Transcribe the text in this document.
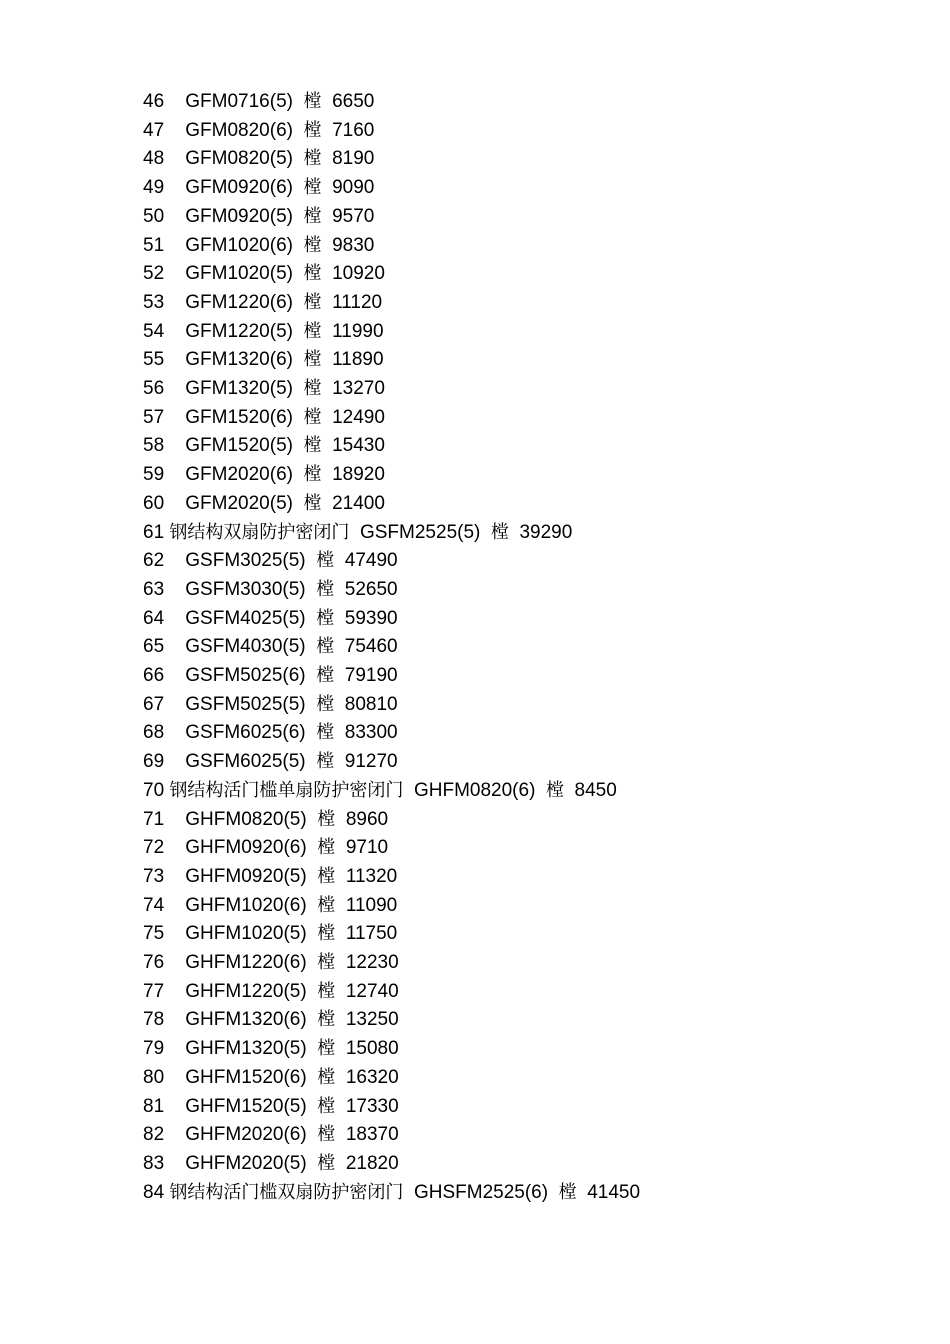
46 GFM0716(5) 樘 6650
47 GFM0820(6) 樘 7160
48 GFM0820(5) 樘 8190
49 GFM0920(6) 樘 9090
50 GFM0920(5) 樘 9570
51 GFM1020(6) 樘 9830
52 GFM1020(5) 樘 10920
53 GFM1220(6) 樘 11120
54 GFM1220(5) 樘 11990
55 GFM1320(6) 樘 11890
56 GFM1320(5) 樘 13270
57 GFM1520(6) 樘 12490
58 GFM1520(5) 樘 15430
59 GFM2020(6) 樘 18920
60 GFM2020(5) 樘 21400
61 钢结构双扇防护密闭门 GSFM2525(5) 樘 39290
62 GSFM3025(5) 樘 47490
63 GSFM3030(5) 樘 52650
64 GSFM4025(5) 樘 59390
65 GSFM4030(5) 樘 75460
66 GSFM5025(6) 樘 79190
67 GSFM5025(5) 樘 80810
68 GSFM6025(6) 樘 83300
69 GSFM6025(5) 樘 91270
70 钢结构活门槛单扇防护密闭门 GHFM0820(6) 樘 8450
71 GHFM0820(5) 樘 8960
72 GHFM0920(6) 樘 9710
73 GHFM0920(5) 樘 11320
74 GHFM1020(6) 樘 11090
75 GHFM1020(5) 樘 11750
76 GHFM1220(6) 樘 12230
77 GHFM1220(5) 樘 12740
78 GHFM1320(6) 樘 13250
79 GHFM1320(5) 樘 15080
80 GHFM1520(6) 樘 16320
81 GHFM1520(5) 樘 17330
82 GHFM2020(6) 樘 18370
83 GHFM2020(5) 樘 21820
84 钢结构活门槛双扇防护密闭门 GHSFM2525(6) 樘 41450
